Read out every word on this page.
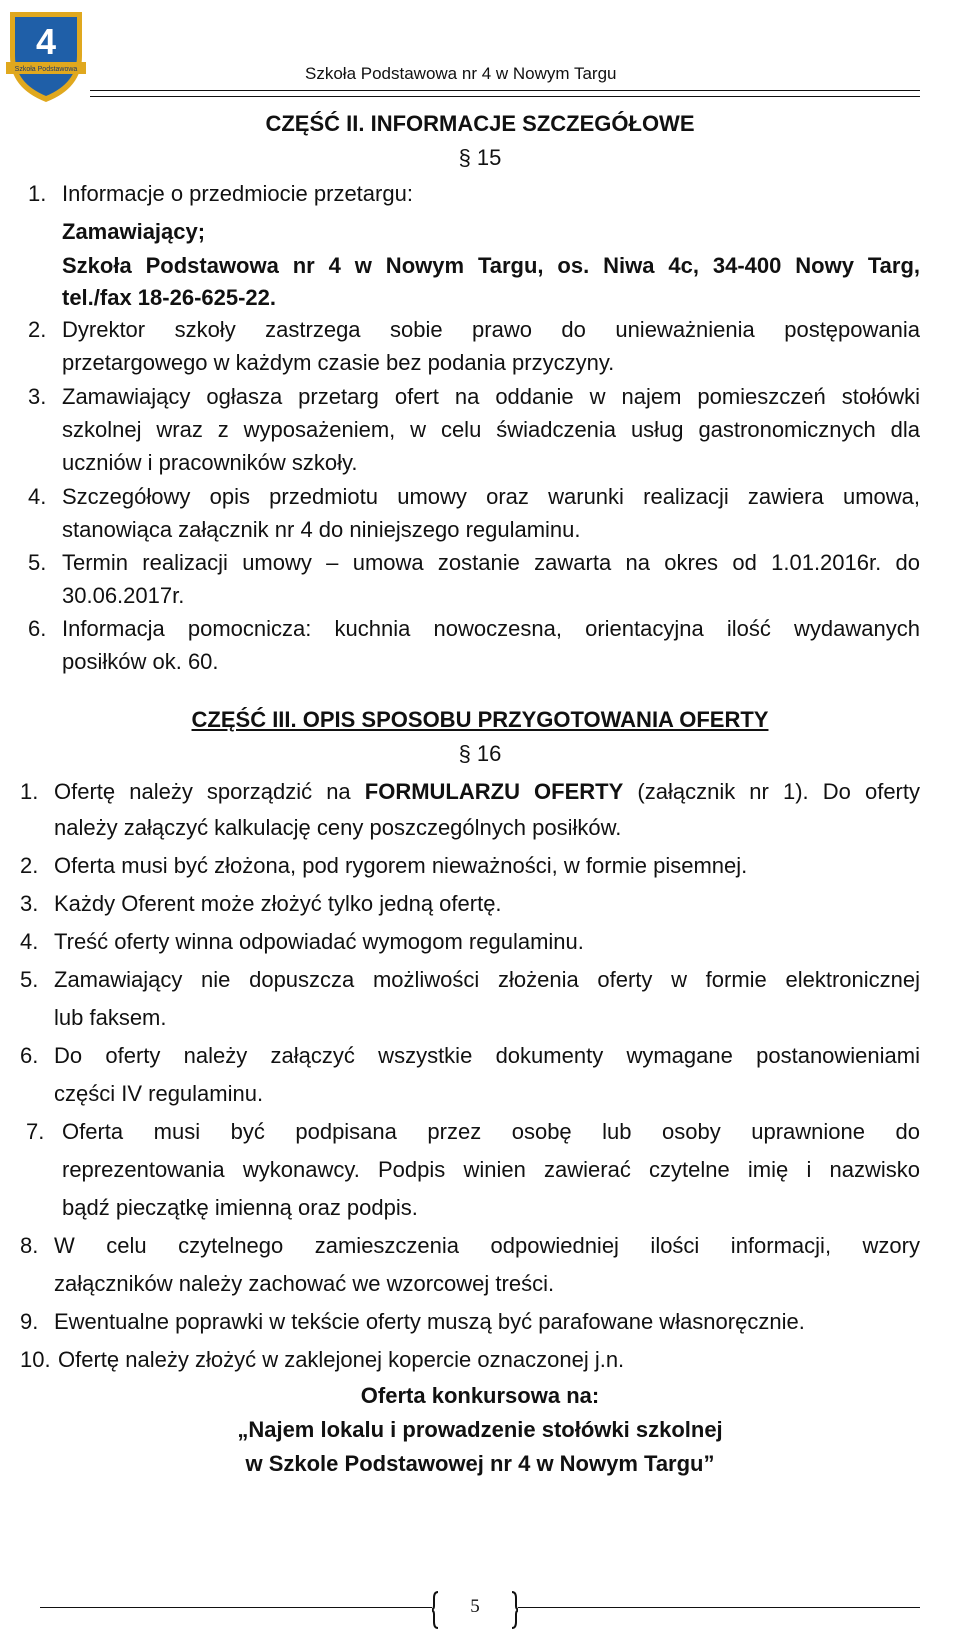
4
Szkoła Podstawowa	Szkoła Podstawowa nr 4 w Nowym Targu
CZĘŚĆ II. INFORMACJE SZCZEGÓŁOWE
§ 15
1. Informacje o przedmiocie przetargu:
Zamawiający;
Szkoła Podstawowa nr 4 w Nowym Targu, os. Niwa 4c, 34-400 Nowy Targ,
tel./fax 18-26-625-22.
2. Dyrektor szkoły zastrzega sobie prawo do unieważnienia postępowania
przetargowego w każdym czasie bez podania przyczyny.
3. Zamawiający ogłasza przetarg ofert na oddanie w najem pomieszczeń stołówki
szkolnej wraz z wyposażeniem, w celu świadczenia usług gastronomicznych dla
uczniów i pracowników szkoły.
4. Szczegółowy opis przedmiotu umowy oraz warunki realizacji zawiera umowa,
stanowiąca załącznik nr 4 do niniejszego regulaminu.
5. Termin realizacji umowy – umowa zostanie zawarta na okres od 1.01.2016r. do
30.06.2017r.
6. Informacja pomocnicza: kuchnia nowoczesna, orientacyjna ilość wydawanych
posiłków ok. 60.
CZĘŚĆ III. OPIS SPOSOBU PRZYGOTOWANIA OFERTY
§ 16
1. Ofertę należy sporządzić na FORMULARZU OFERTY (załącznik nr 1). Do oferty
należy załączyć kalkulację ceny poszczególnych posiłków.
2. Oferta musi być złożona, pod rygorem nieważności, w formie pisemnej.
3. Każdy Oferent może złożyć tylko jedną ofertę.
4. Treść oferty winna odpowiadać wymogom regulaminu.
5. Zamawiający nie dopuszcza możliwości złożenia oferty w formie elektronicznej
lub faksem.
6. Do oferty należy załączyć wszystkie dokumenty wymagane postanowieniami
części IV regulaminu.
7. Oferta musi być podpisana przez osobę lub osoby uprawnione do
reprezentowania wykonawcy. Podpis winien zawierać czytelne imię i nazwisko
bądź pieczątkę imienną oraz podpis.
8. W celu czytelnego zamieszczenia odpowiedniej ilości informacji, wzory
załączników należy zachować we wzorcowej treści.
9. Ewentualne poprawki w tekście oferty muszą być parafowane własnoręcznie.
10. Ofertę należy złożyć w zaklejonej kopercie oznaczonej j.n.
Oferta konkursowa na:
„Najem lokalu i prowadzenie stołówki szkolnej
w Szkole Podstawowej nr 4 w Nowym Targu”
5
